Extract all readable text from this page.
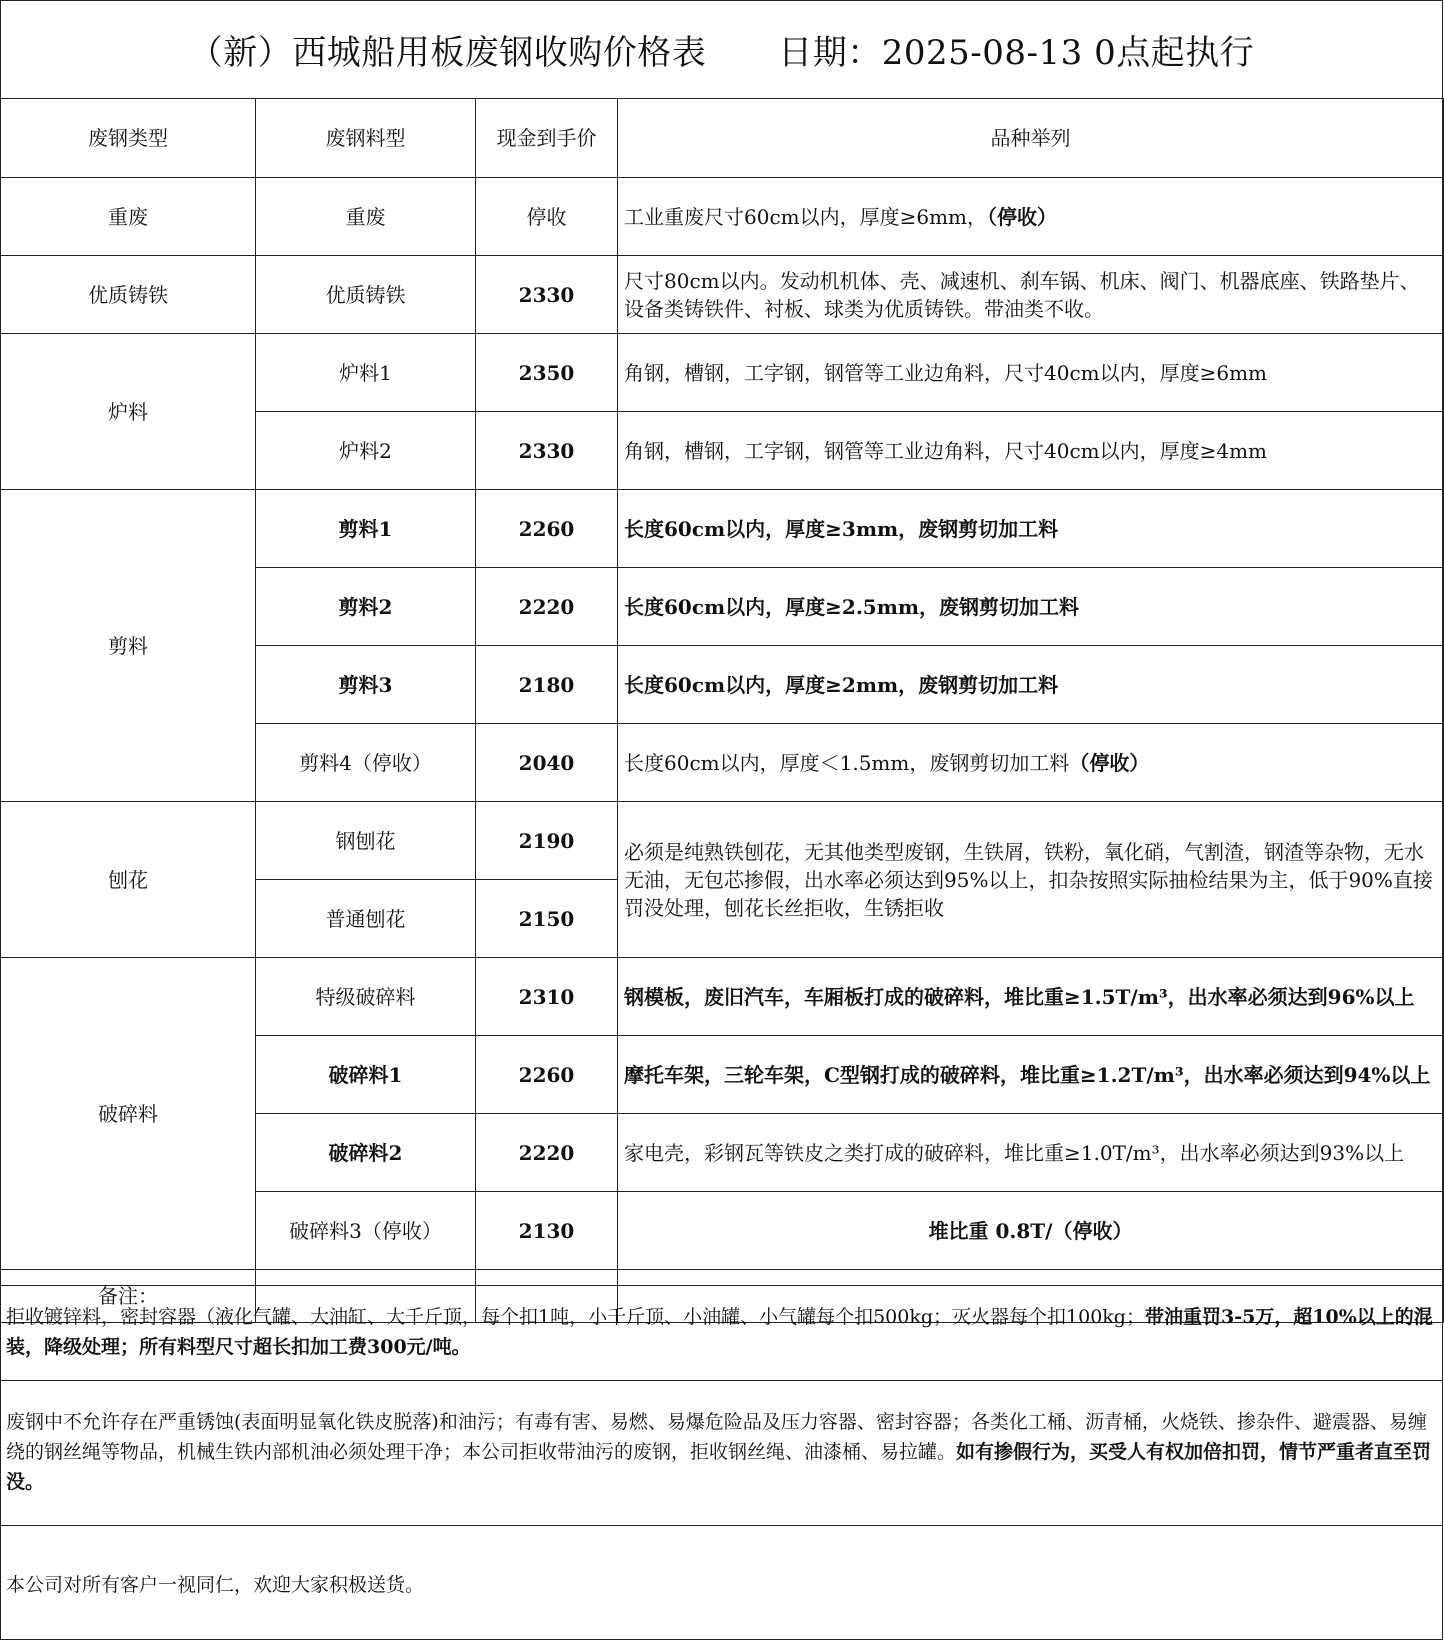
（新）西城船用板废钢收购价格表 日期：2025-08-13 0点起执行
废钢类型	废钢料型	现金到手价	品种举列
重废	重废	停收	工业重废尺寸60cm以内，厚度≥6mm，（停收）
优质铸铁	优质铸铁	2330	尺寸80cm以内。发动机机体、壳、减速机、刹车锅、机床、阀门、机器底座、铁路垫片、设备类铸铁件、衬板、球类为优质铸铁。带油类不收。
炉料	炉料1	2350	角钢，槽钢，工字钢，钢管等工业边角料，尺寸40cm以内，厚度≥6mm
	炉料2	2330	角钢，槽钢，工字钢，钢管等工业边角料，尺寸40cm以内，厚度≥4mm
剪料	剪料1	2260	长度60cm以内，厚度≥3mm，废钢剪切加工料
	剪料2	2220	长度60cm以内，厚度≥2.5mm，废钢剪切加工料
	剪料3	2180	长度60cm以内，厚度≥2mm，废钢剪切加工料
	剪料4（停收）	2040	长度60cm以内，厚度＜1.5mm，废钢剪切加工料（停收）
刨花	钢刨花	2190	必须是纯熟铁刨花，无其他类型废钢，生铁屑，铁粉，氧化硝，气割渣，钢渣等杂物，无水无油，无包芯掺假，出水率必须达到95%以上，扣杂按照实际抽检结果为主，低于90%直接罚没处理，刨花长丝拒收，生锈拒收
	普通刨花	2150	
破碎料	特级破碎料	2310	钢模板，废旧汽车，车厢板打成的破碎料，堆比重≥1.5T/m³，出水率必须达到96%以上
	破碎料1	2260	摩托车架，三轮车架，C型钢打成的破碎料，堆比重≥1.2T/m³，出水率必须达到94%以上
	破碎料2	2220	家电壳，彩钢瓦等铁皮之类打成的破碎料，堆比重≥1.0T/m³，出水率必须达到93%以上
	破碎料3（停收）	2130	堆比重 0.8T/（停收）
备注：			
拒收镀锌料，密封容器（液化气罐、大油缸、大千斤顶，每个扣1吨，小千斤顶、小油罐、小气罐每个扣500kg；灭火器每个扣100kg；带油重罚3-5万，超10%以上的混装，降级处理；所有料型尺寸超长扣加工费300元/吨。
废钢中不允许存在严重锈蚀(表面明显氧化铁皮脱落)和油污；有毒有害、易燃、易爆危险品及压力容器、密封容器；各类化工桶、沥青桶，火烧铁、掺杂件、避震器、易缠绕的钢丝绳等物品，机械生铁内部机油必须处理干净；本公司拒收带油污的废钢，拒收钢丝绳、油漆桶、易拉罐。如有掺假行为，买受人有权加倍扣罚，情节严重者直至罚没。
本公司对所有客户一视同仁，欢迎大家积极送货。
